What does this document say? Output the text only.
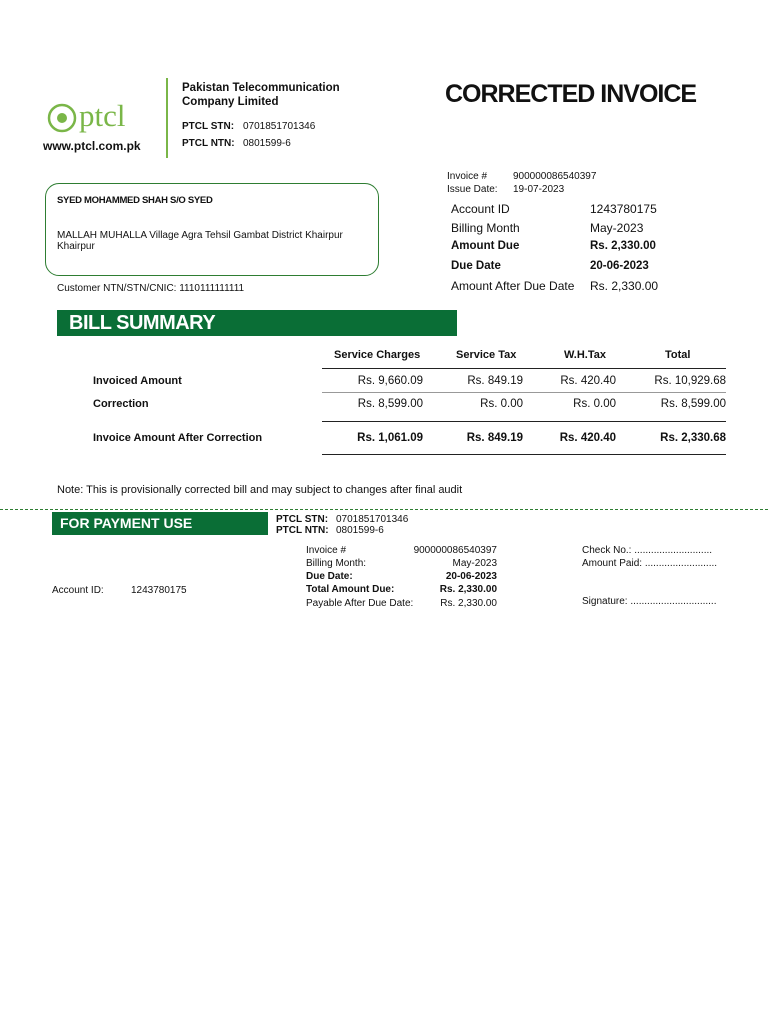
ptcl
www.ptcl.com.pk
Pakistan Telecommunication
Company Limited
PTCL STN: 0701851701346
PTCL NTN: 0801599-6
CORRECTED INVOICE
Invoice #	900000086540397
Issue Date: 19-07-2023
SYED MOHAMMED SHAH S/O SYED
MALLAH MUHALLA Village Agra Tehsil Gambat District Khairpur Khairpur
Customer NTN/STN/CNIC: 1110111111111
Account ID	1243780175
Billing Month	May-2023
Amount Due	Rs. 2,330.00
Due Date	20-06-2023
Amount After Due Date Rs. 2,330.00
BILL SUMMARY
Service Charges	Service Tax	W.H.Tax	Total
Invoiced Amount	Rs. 9,660.09	Rs. 849.19	Rs. 420.40	Rs. 10,929.68
Correction	Rs. 8,599.00	Rs. 0.00	Rs. 0.00	Rs. 8,599.00
Invoice Amount After Correction	Rs. 1,061.09	Rs. 849.19	Rs. 420.40	Rs. 2,330.68
Note: This is provisionally corrected bill and may subject to changes after final audit
FOR PAYMENT USE	PTCL STN: 0701851701346
PTCL NTN: 0801599-6
Invoice #	900000086540397
Billing Month:	May-2023
Due Date:	20-06-2023
Total Amount Due:	Rs. 2,330.00
Payable After Due Date:	Rs. 2,330.00
Account ID:	1243780175
Check No.: ............................
Amount Paid: ..........................
Signature: ...............................
